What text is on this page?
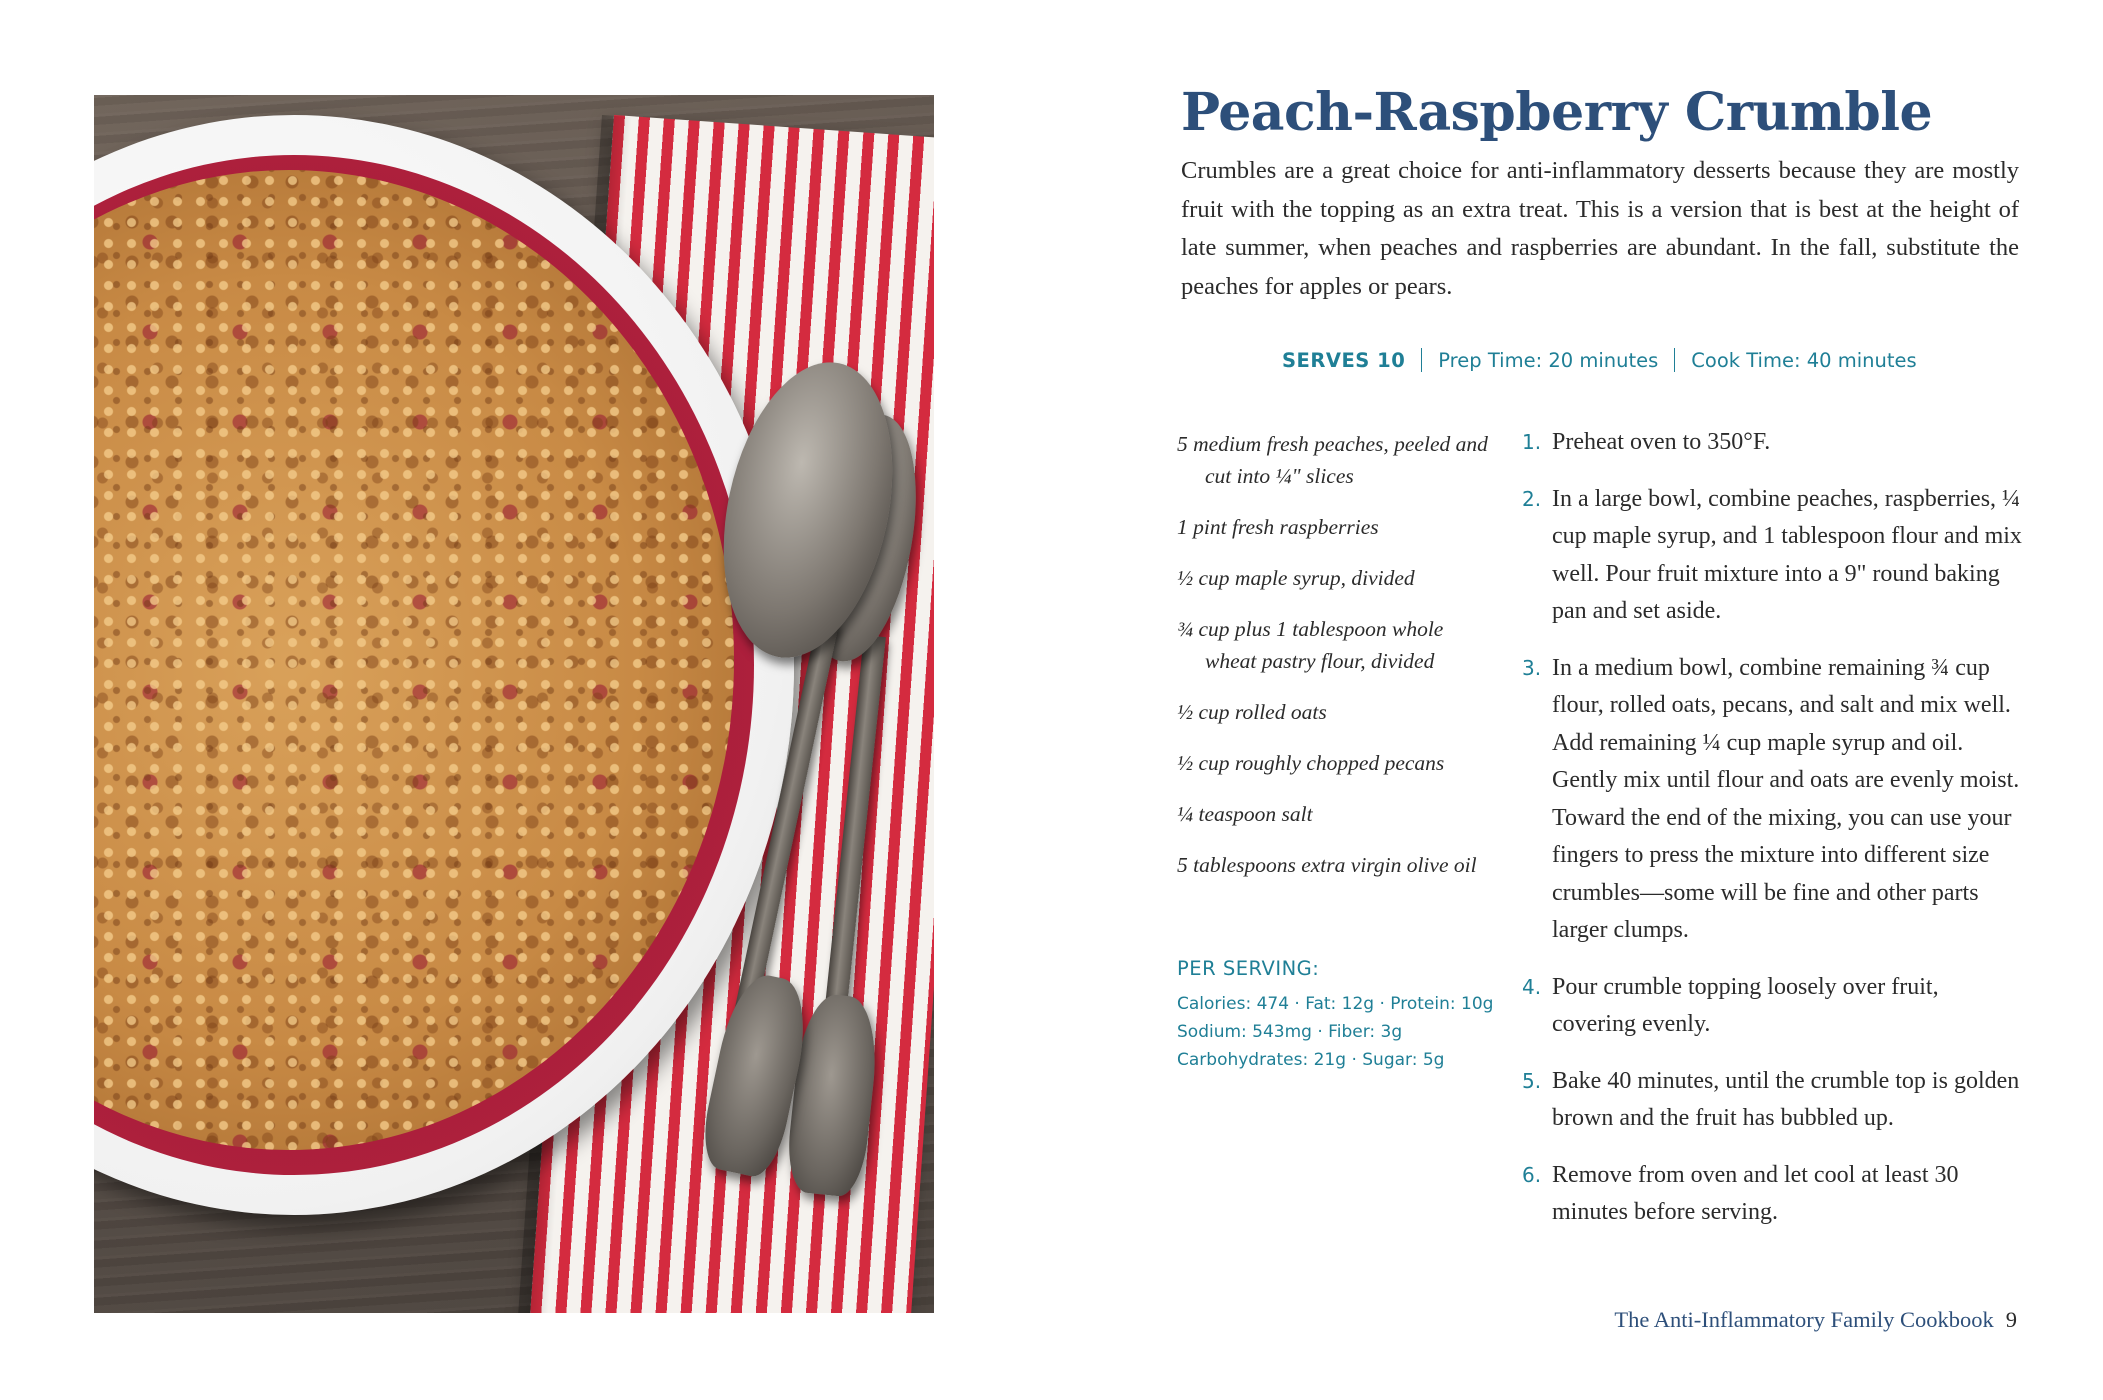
Peach-Raspberry Crumble
Crumbles are a great choice for anti-inflammatory desserts because they are mostly fruit with the topping as an extra treat. This is a version that is best at the height of late summer, when peaches and raspberries are abundant. In the fall, substitute the peaches for apples or pears.
SERVES 10 Prep Time: 20 minutes Cook Time: 40 minutes
5 medium fresh peaches, peeled and cut into ¼" slices
1 pint fresh raspberries
½ cup maple syrup, divided
¾ cup plus 1 tablespoon whole wheat pastry flour, divided
½ cup rolled oats
½ cup roughly chopped pecans
¼ teaspoon salt
5 tablespoons extra virgin olive oil
PER SERVING:
Calories: 474 · Fat: 12g · Protein: 10g
Sodium: 543mg · Fiber: 3g
Carbohydrates: 21g · Sugar: 5g
1. Preheat oven to 350°F.
2. In a large bowl, combine peaches, raspberries, ¼ cup maple syrup, and 1 tablespoon flour and mix well. Pour fruit mixture into a 9" round baking pan and set aside.
3. In a medium bowl, combine remaining ¾ cup flour, rolled oats, pecans, and salt and mix well. Add remaining ¼ cup maple syrup and oil. Gently mix until flour and oats are evenly moist. Toward the end of the mixing, you can use your fingers to press the mixture into different size crumbles—some will be fine and other parts larger clumps.
4. Pour crumble topping loosely over fruit, covering evenly.
5. Bake 40 minutes, until the crumble top is golden brown and the fruit has bubbled up.
6. Remove from oven and let cool at least 30 minutes before serving.
The Anti-Inflammatory Family Cookbook 9
